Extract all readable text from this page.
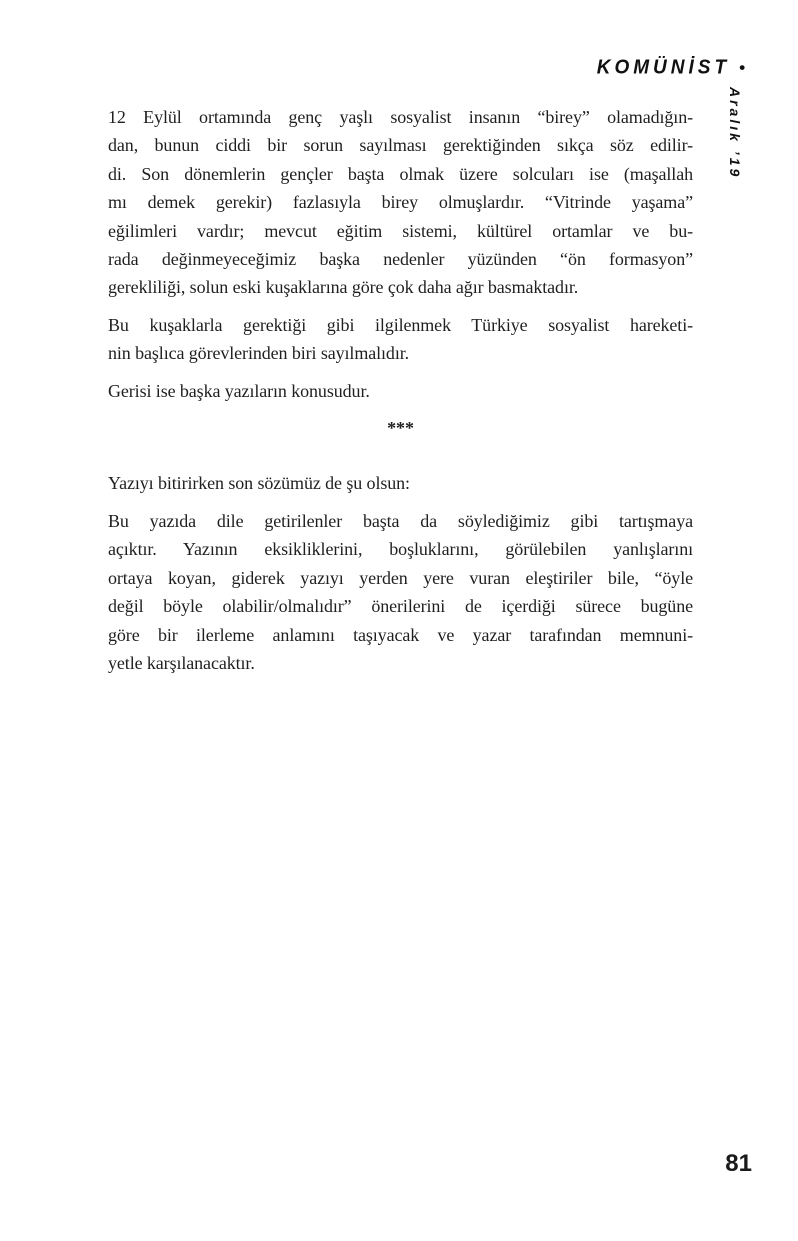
KOMÜNİST •
Aralık ’19
12 Eylül ortamında genç yaşlı sosyalist insanın “birey” olamadığın-
dan, bunun ciddi bir sorun sayılması gerektiğinden sıkça söz edilir-
di. Son dönemlerin gençler başta olmak üzere solcuları ise (maşallah
mı demek gerekir) fazlasıyla birey olmuşlardır. “Vitrinde yaşama”
eğilimleri vardır; mevcut eğitim sistemi, kültürel ortamlar ve bu-
rada değinmeyeceğimiz başka nedenler yüzünden “ön formasyon”
gerekliliği, solun eski kuşaklarına göre çok daha ağır basmaktadır.
Bu kuşaklarla gerektiği gibi ilgilenmek Türkiye sosyalist hareketi-
nin başlıca görevlerinden biri sayılmalıdır.
Gerisi ise başka yazıların konusudur.
***
Yazıyı bitirirken son sözümüz de şu olsun:
Bu yazıda dile getirilenler başta da söylediğimiz gibi tartışmaya
açıktır. Yazının eksikliklerini, boşluklarını, görülebilen yanlışlarını
ortaya koyan, giderek yazıyı yerden yere vuran eleştiriler bile, “öyle
değil böyle olabilir/olmalıdır” önerilerini de içerdiği sürece bugüne
göre bir ilerleme anlamını taşıyacak ve yazar tarafından memnuni-
yetle karşılanacaktır.
81
